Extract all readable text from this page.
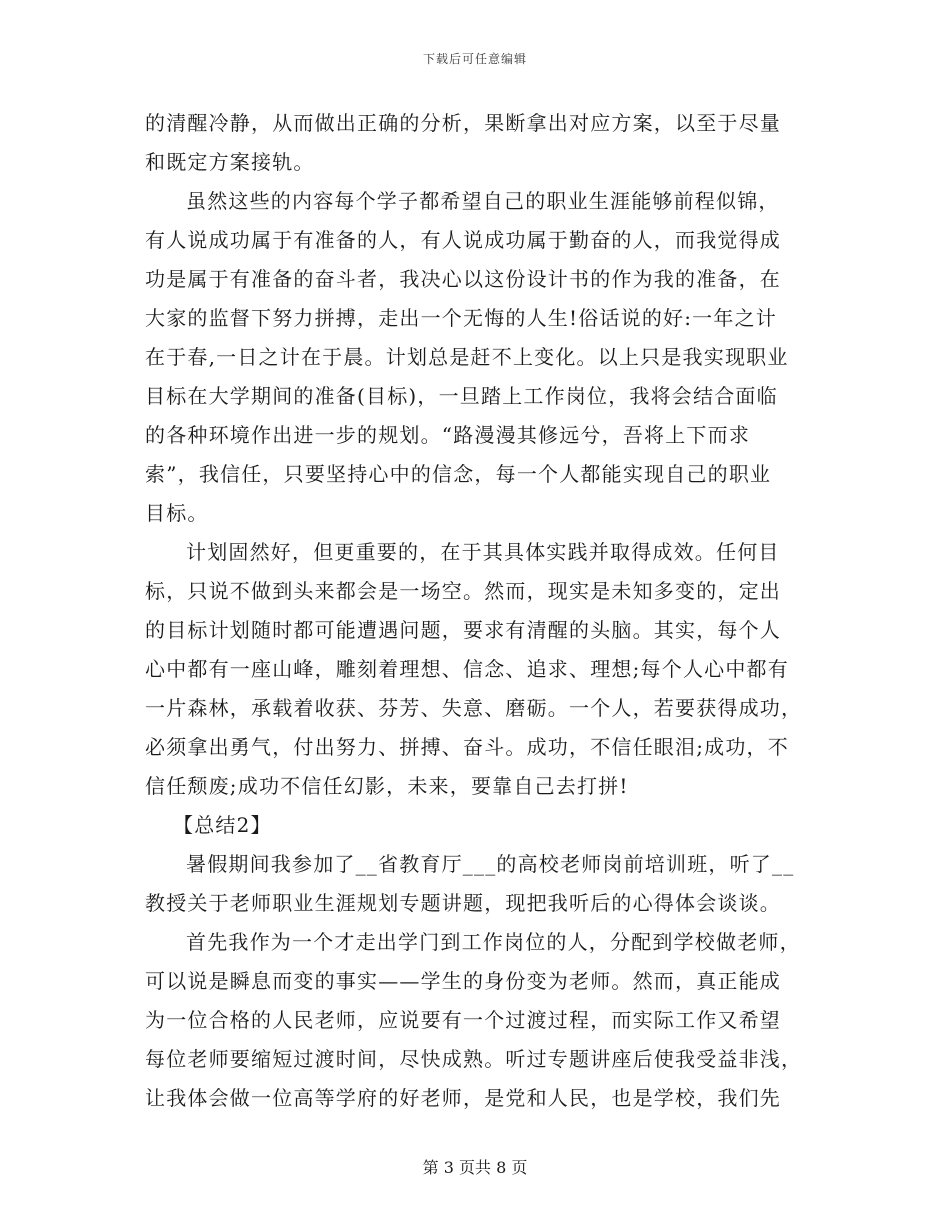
下载后可任意编辑
的清醒冷静，从而做出正确的分析，果断拿出对应方案，以至于尽量
和既定方案接轨。
虽然这些的内容每个学子都希望自己的职业生涯能够前程似锦，
有人说成功属于有准备的人，有人说成功属于勤奋的人，而我觉得成
功是属于有准备的奋斗者，我决心以这份设计书的作为我的准备，在
大家的监督下努力拼搏，走出一个无悔的人生!俗话说的好:一年之计
在于春,一日之计在于晨。计划总是赶不上变化。以上只是我实现职业
目标在大学期间的准备(目标)，一旦踏上工作岗位，我将会结合面临
的各种环境作出进一步的规划。“路漫漫其修远兮，吾将上下而求
索”，我信任，只要坚持心中的信念，每一个人都能实现自己的职业
目标。
计划固然好，但更重要的，在于其具体实践并取得成效。任何目
标，只说不做到头来都会是一场空。然而，现实是未知多变的，定出
的目标计划随时都可能遭遇问题，要求有清醒的头脑。其实，每个人
心中都有一座山峰，雕刻着理想、信念、追求、理想;每个人心中都有
一片森林，承载着收获、芬芳、失意、磨砺。一个人，若要获得成功，
必须拿出勇气，付出努力、拼搏、奋斗。成功，不信任眼泪;成功，不
信任颓废;成功不信任幻影，未来，要靠自己去打拼!
【总结2】
暑假期间我参加了__省教育厅___的高校老师岗前培训班，听了__
教授关于老师职业生涯规划专题讲题，现把我听后的心得体会谈谈。
首先我作为一个才走出学门到工作岗位的人，分配到学校做老师，
可以说是瞬息而变的事实——学生的身份变为老师。然而，真正能成
为一位合格的人民老师，应说要有一个过渡过程，而实际工作又希望
每位老师要缩短过渡时间，尽快成熟。听过专题讲座后使我受益非浅，
让我体会做一位高等学府的好老师，是党和人民，也是学校，我们先
第 3 页共 8 页
